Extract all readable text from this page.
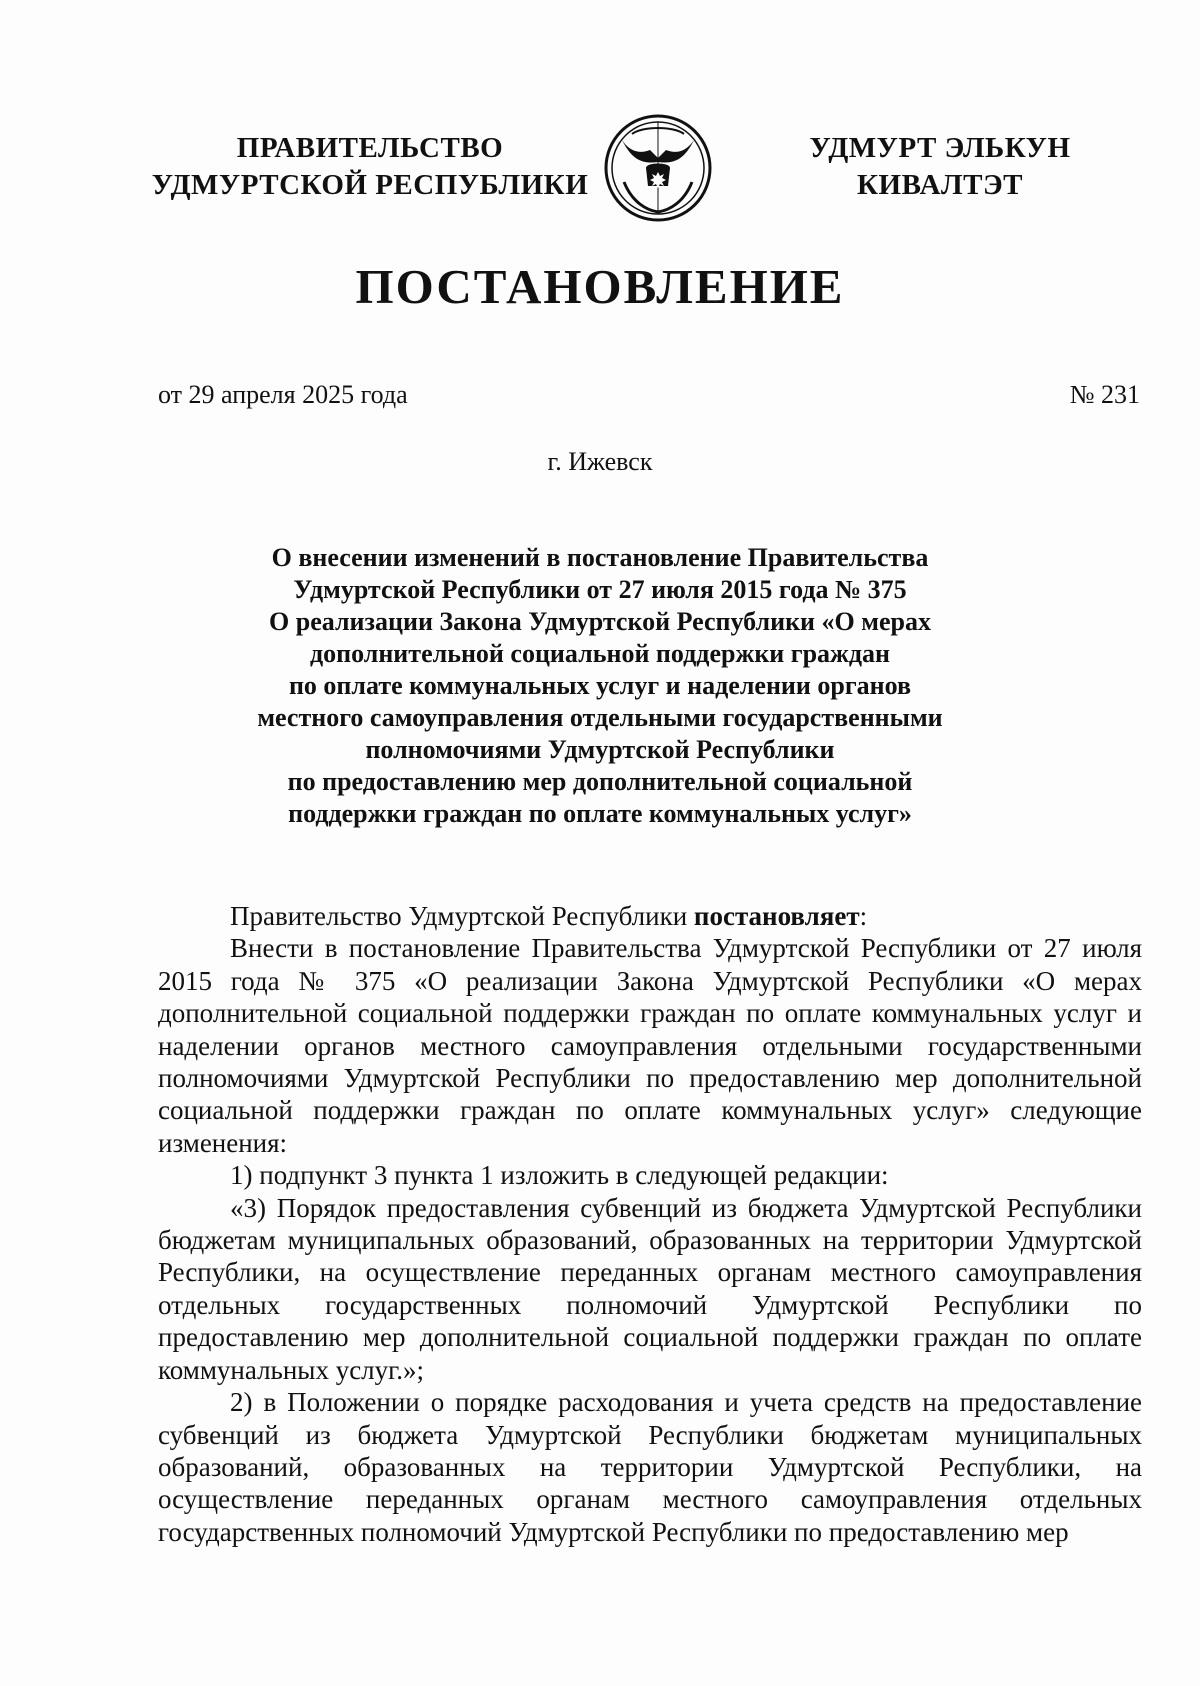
ПРАВИТЕЛЬСТВО
УДМУРТСКОЙ РЕСПУБЛИКИ
УДМУРТ ЭЛЬКУН
КИВАЛТЭТ
ПОСТАНОВЛЕНИЕ
от 29 апреля 2025 года	№ 231
г. Ижевск
О внесении изменений в постановление Правительства
Удмуртской Республики от 27 июля 2015 года № 375
О реализации Закона Удмуртской Республики «О мерах
дополнительной социальной поддержки граждан
по оплате коммунальных услуг и наделении органов
местного самоуправления отдельными государственными
полномочиями Удмуртской Республики
по предоставлению мер дополнительной социальной
поддержки граждан по оплате коммунальных услуг»

Правительство Удмуртской Республики постановляет:

Внести в постановление Правительства Удмуртской Республики от 27 июля 2015 года № 375 «О реализации Закона Удмуртской Республики «О мерах дополнительной социальной поддержки граждан по оплате коммунальных услуг и наделении органов местного самоуправления отдельными государственными полномочиями Удмуртской Республики по предоставлению мер дополнительной социальной поддержки граждан по оплате коммунальных услуг» следующие изменения:

1) подпункт 3 пункта 1 изложить в следующей редакции:

«3) Порядок предоставления субвенций из бюджета Удмуртской Республики бюджетам муниципальных образований, образованных на территории Удмуртской Республики, на осуществление переданных органам местного самоуправления отдельных государственных полномочий Удмуртской Республики по предоставлению мер дополнительной социальной поддержки граждан по оплате коммунальных услуг.»;

2) в Положении о порядке расходования и учета средств на предоставление субвенций из бюджета Удмуртской Республики бюджетам муниципальных образований, образованных на территории Удмуртской Республики, на осуществление переданных органам местного самоуправления отдельных государственных полномочий Удмуртской Республики по предоставлению мер
